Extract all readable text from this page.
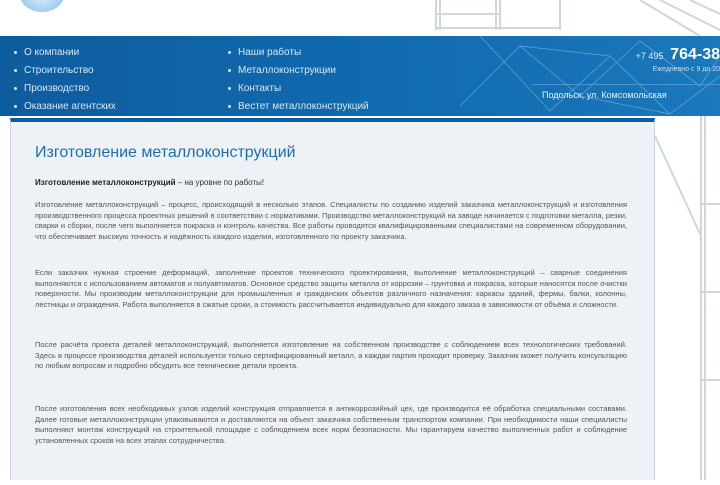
О компании
Строительство
Производство
Оказание агентских
Наши работы
Металлоконструкции
Контакты
Вестет металлоконструкций
+7 495 764-38
Ежедневно с 9 до 20
Подольск, ул. Комсомольская
Изготовление металлоконструкций
Изготовление металлоконструкций – на уровне по работы!

Изготовление металлоконструкций – процесс, происходящий в несколько этапов. Специалисты по созданию изделий заказчика металлоконструкций и изготовления производственного процесса проектных решений в соответствии с нормативами. Производство металлоконструкций на заводе начинается с подготовки металла, резки, сварки и сборки, после чего выполняется покраска и контроль качества. Все работы проводятся квалифицированными специалистами на современном оборудовании, что обеспечивает высокую точность и надёжность каждого изделия, изготовленного по проекту заказчика.

Если заказчик нужная строение деформаций, заполнение проектов технического проектирования, выполнение металлоконструкций – сварные соединения выполняются с использованием автоматов и полуавтоматов. Основное средство защиты металла от коррозии – грунтовка и покраска, которые наносятся после очистки поверхности. Мы производим металлоконструкции для промышленных и гражданских объектов различного назначения: каркасы зданий, фермы, балки, колонны, лестницы и ограждения. Работа выполняется в сжатые сроки, а стоимость рассчитывается индивидуально для каждого заказа в зависимости от объёма и сложности.

После расчёта проекта деталей металлоконструкций, выполняется изготовление на собственном производстве с соблюдением всех технологических требований. Здесь в процессе производства деталей используется только сертифицированный металл, а каждая партия проходит проверку. Заказчик может получить консультацию по любым вопросам и подробно обсудить все технические детали проекта.

После изготовления всех необходимых узлов изделий конструкция отправляется в антикоррозийный цех, где производится её обработка специальными составами. Далее готовые металлоконструкции упаковываются и доставляются на объект заказчика собственным транспортом компании. При необходимости наши специалисты выполняют монтаж конструкций на строительной площадке с соблюдением всех норм безопасности. Мы гарантируем качество выполненных работ и соблюдение установленных сроков на всех этапах сотрудничества.
